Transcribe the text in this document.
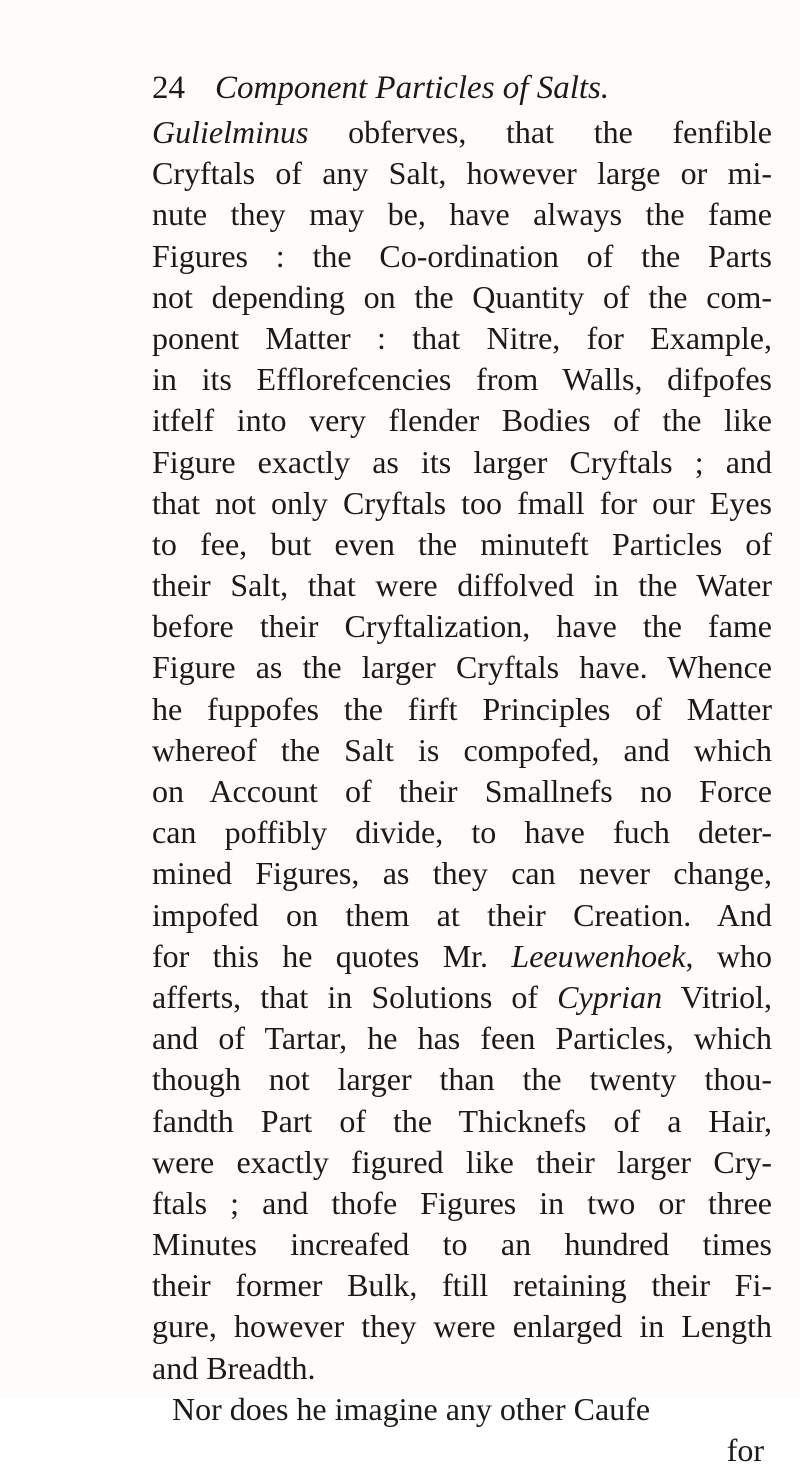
24 Component Particles of Salts.
Gulielminus obferves, that the fenfible
Cryftals of any Salt, however large or mi-
nute they may be, have always the fame
Figures : the Co-ordination of the Parts
not depending on the Quantity of the com-
ponent Matter : that Nitre, for Example,
in its Efflorefcencies from Walls, difpofes
itfelf into very flender Bodies of the like
Figure exactly as its larger Cryftals ; and
that not only Cryftals too fmall for our Eyes
to fee, but even the minuteft Particles of
their Salt, that were diffolved in the Water
before their Cryftalization, have the fame
Figure as the larger Cryftals have. Whence
he fuppofes the firft Principles of Matter
whereof the Salt is compofed, and which
on Account of their Smallnefs no Force
can poffibly divide, to have fuch deter-
mined Figures, as they can never change,
impofed on them at their Creation. And
for this he quotes Mr. Leeuwenhoek, who
afferts, that in Solutions of Cyprian Vitriol,
and of Tartar, he has feen Particles, which
though not larger than the twenty thou-
fandth Part of the Thicknefs of a Hair,
were exactly figured like their larger Cry-
ftals ; and thofe Figures in two or three
Minutes increafed to an hundred times
their former Bulk, ftill retaining their Fi-
gure, however they were enlarged in Length
and Breadth.
Nor does he imagine any other Caufe
for
